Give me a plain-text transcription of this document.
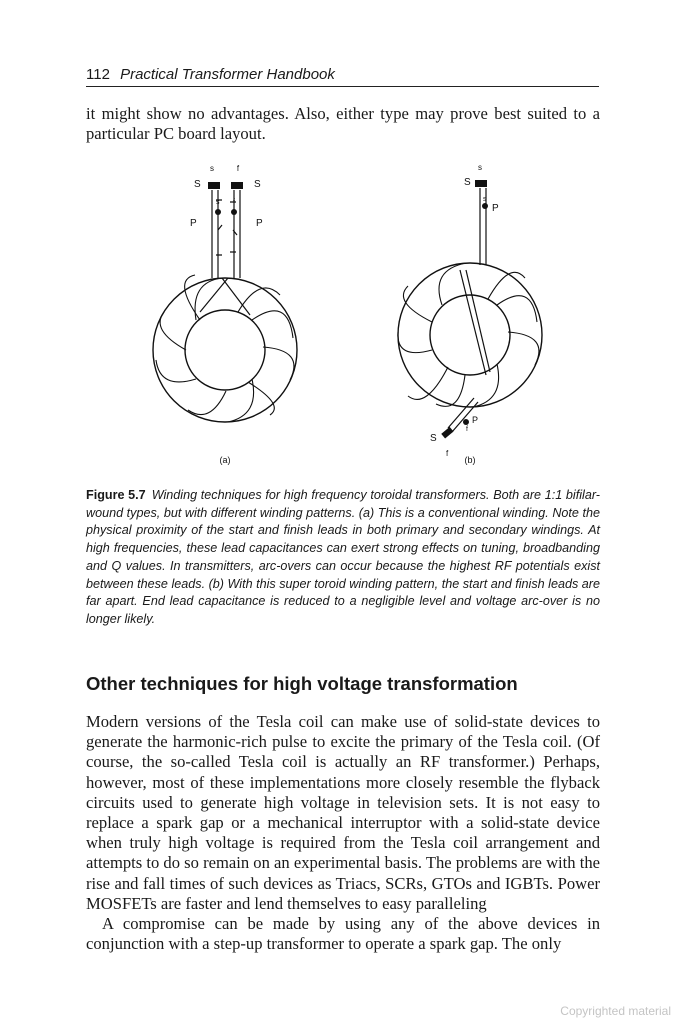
112 Practical Transformer Handbook

it might show no advantages. Also, either type may prove best suited to a particular PC board layout.

s	f
S	S
s f
P	P
(a)
s
S
s
P
P
f
S
f
(b)

Figure 5.7 Winding techniques for high frequency toroidal transformers. Both are 1:1 bifilar-wound types, but with different winding patterns. (a) This is a conventional winding. Note the physical proximity of the start and finish leads in both primary and secondary windings. At high frequencies, these lead capacitances can exert strong effects on tuning, broadbanding and Q values. In transmitters, arc-overs can occur because the highest RF potentials exist between these leads. (b) With this super toroid winding pattern, the start and finish leads are far apart. End lead capacitance is reduced to a negligible level and voltage arc-over is no longer likely.

Other techniques for high voltage transformation

Modern versions of the Tesla coil can make use of solid-state devices to generate the harmonic-rich pulse to excite the primary of the Tesla coil. (Of course, the so-called Tesla coil is actually an RF transformer.) Perhaps, however, most of these implementations more closely resemble the flyback circuits used to generate high voltage in television sets. It is not easy to replace a spark gap or a mechanical interruptor with a solid-state device when truly high voltage is required from the Tesla coil arrangement and attempts to do so remain on an experimental basis. The problems are with the rise and fall times of such devices as Triacs, SCRs, GTOs and IGBTs. Power MOSFETs are faster and lend themselves to easy paralleling

A compromise can be made by using any of the above devices in conjunction with a step-up transformer to operate a spark gap. The only

Copyrighted material
